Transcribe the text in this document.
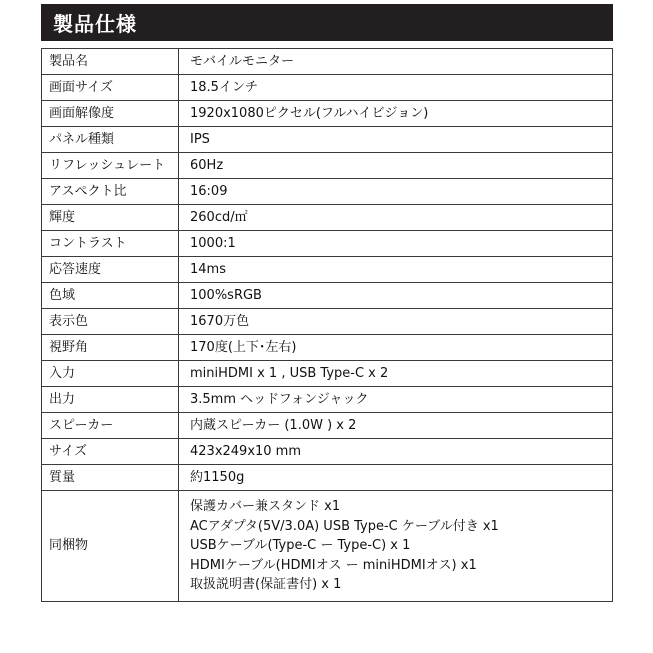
製品仕様
製品名	モバイルモニター
画面サイズ	18.5インチ
画面解像度	1920x1080ピクセル(フルハイビジョン)
パネル種類	IPS
リフレッシュレート	60Hz
アスペクト比	16:09
輝度	260cd/㎡
コントラスト	1000:1
応答速度	14ms
色域	100%sRGB
表示色	1670万色
視野角	170度(上下･左右)
入力	miniHDMI x 1 , USB Type-C x 2
出力	3.5mm ヘッドフォンジャック
スピーカー	内蔵スピーカー (1.0W ) x 2
サイズ	423x249x10 mm
質量	約1150g
同梱物	保護カバー兼スタンド x1
ACアダプタ(5V/3.0A) USB Type-C ケーブル付き x1
USBケーブル(Type-C ー Type-C) x 1
HDMIケーブル(HDMIオス ー miniHDMIオス) x1
取扱説明書(保証書付) x 1
